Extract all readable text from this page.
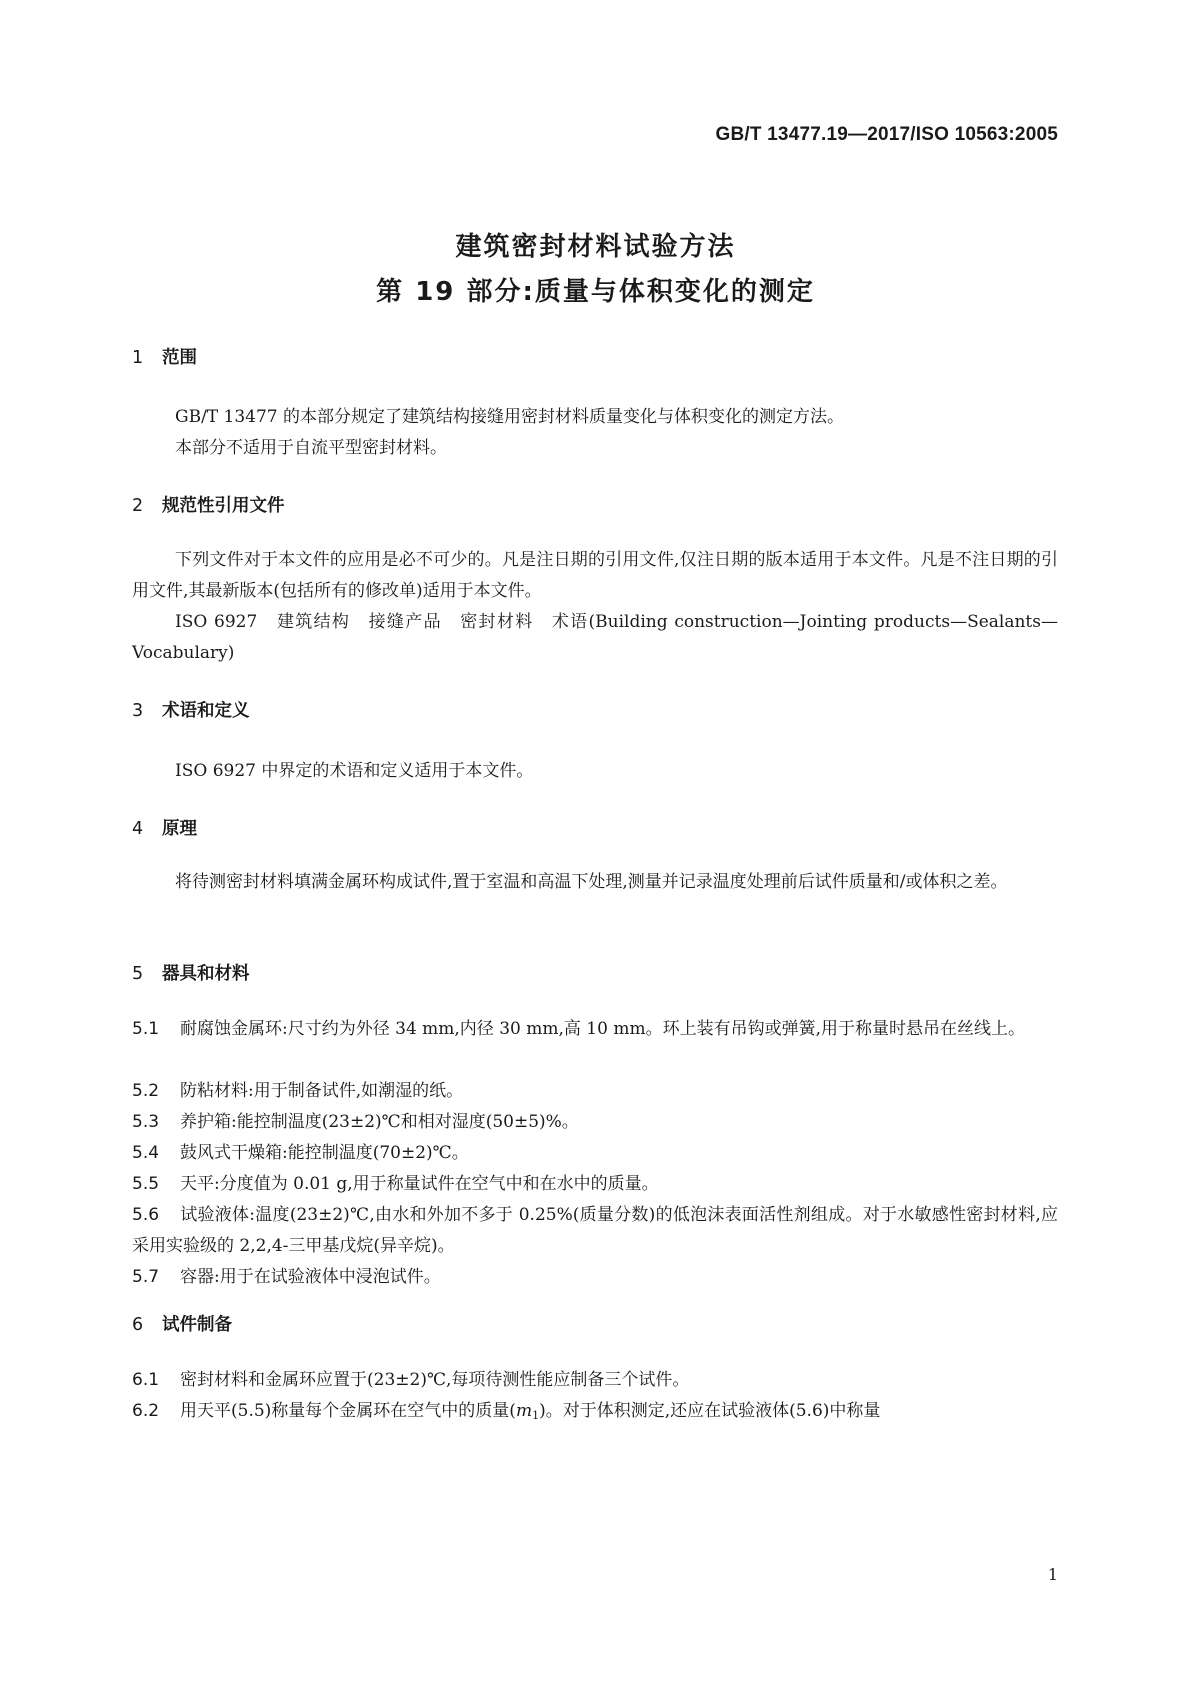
GB/T 13477.19—2017/ISO 10563:2005
建筑密封材料试验方法
第 19 部分:质量与体积变化的测定
1 范围
GB/T 13477 的本部分规定了建筑结构接缝用密封材料质量变化与体积变化的测定方法。
本部分不适用于自流平型密封材料。
2 规范性引用文件
下列文件对于本文件的应用是必不可少的。凡是注日期的引用文件,仅注日期的版本适用于本文件。凡是不注日期的引用文件,其最新版本(包括所有的修改单)适用于本文件。
ISO 6927　建筑结构　接缝产品　密封材料　术语(Building construction—Jointing products—Sealants—Vocabulary)
3 术语和定义
ISO 6927 中界定的术语和定义适用于本文件。
4 原理
将待测密封材料填满金属环构成试件,置于室温和高温下处理,测量并记录温度处理前后试件质量和/或体积之差。
5 器具和材料
5.1 耐腐蚀金属环:尺寸约为外径 34 mm,内径 30 mm,高 10 mm。环上装有吊钩或弹簧,用于称量时悬吊在丝线上。
5.2 防粘材料:用于制备试件,如潮湿的纸。
5.3 养护箱:能控制温度(23±2)℃和相对湿度(50±5)%。
5.4 鼓风式干燥箱:能控制温度(70±2)℃。
5.5 天平:分度值为 0.01 g,用于称量试件在空气中和在水中的质量。
5.6 试验液体:温度(23±2)℃,由水和外加不多于 0.25%(质量分数)的低泡沫表面活性剂组成。对于水敏感性密封材料,应采用实验级的 2,2,4-三甲基戊烷(异辛烷)。
5.7 容器:用于在试验液体中浸泡试件。
6 试件制备
6.1 密封材料和金属环应置于(23±2)℃,每项待测性能应制备三个试件。
6.2 用天平(5.5)称量每个金属环在空气中的质量$(m_1)$。对于体积测定,还应在试验液体(5.6)中称量
1
